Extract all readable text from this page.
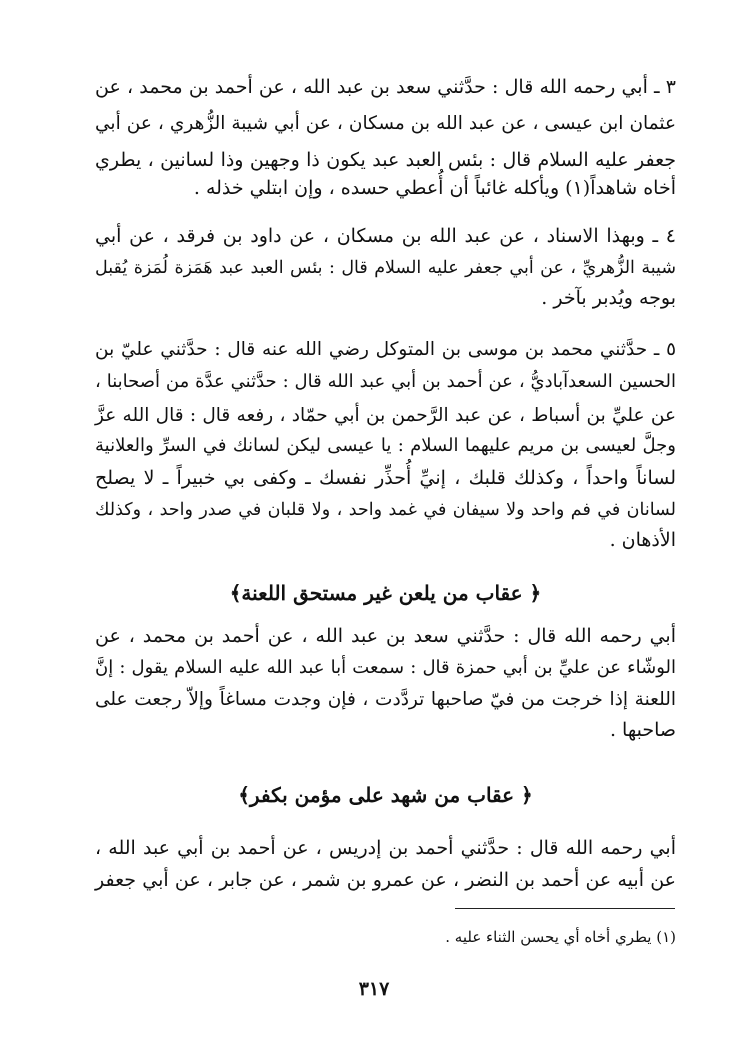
٣ ـ أبي رحمه الله قال : حدَّثني سعد بن عبد الله ، عن أحمد بن محمد ، عن
عثمان ابن عيسى ، عن عبد الله بن مسكان ، عن أبي شيبة الزُّهري ، عن أبي
جعفر عليه السلام قال : بئس العبد عبد يكون ذا وجهين وذا لسانين ، يطري
أخاه شاهداً(١) ويأكله غائباً أن أُعطي حسده ، وإن ابتلي خذله .
٤ ـ وبهذا الاسناد ، عن عبد الله بن مسكان ، عن داود بن فرقد ، عن أبي
شيبة الزُّهريِّ ، عن أبي جعفر عليه السلام قال : بئس العبد عبد هَمَزة لُمَزة يُقبل
بوجه ويُدبر بآخر .
٥ ـ حدَّثني محمد بن موسى بن المتوكل رضي الله عنه قال : حدَّثني عليّ بن
الحسين السعدآباديُّ ، عن أحمد بن أبي عبد الله قال : حدَّثني عدَّة من أصحابنا ،
عن عليِّ بن أسباط ، عن عبد الرَّحمن بن أبي حمّاد ، رفعه قال : قال الله عزَّ
وجلَّ لعيسى بن مريم عليهما السلام : يا عيسى ليكن لسانك في السرِّ والعلانية
لساناً واحداً ، وكذلك قلبك ، إنيِّ أُحذِّر نفسك ـ وكفى بي خبيراً ـ لا يصلح
لسانان في فم واحد ولا سيفان في غمد واحد ، ولا قلبان في صدر واحد ، وكذلك
الأذهان .
﴿ عقاب من يلعن غير مستحق اللعنة﴾
أبي رحمه الله قال : حدَّثني سعد بن عبد الله ، عن أحمد بن محمد ، عن
الوشّاء عن عليِّ بن أبي حمزة قال : سمعت أبا عبد الله عليه السلام يقول : إنَّ
اللعنة إذا خرجت من فيّ صاحبها تردَّدت ، فإن وجدت مساغاً وإلاّ رجعت على
صاحبها .
﴿ عقاب من شهد على مؤمن بكفر﴾
أبي رحمه الله قال : حدَّثني أحمد بن إدريس ، عن أحمد بن أبي عبد الله ،
عن أبيه عن أحمد بن النضر ، عن عمرو بن شمر ، عن جابر ، عن أبي جعفر
(١) يطري أخاه أي يحسن الثناء عليه .
٣١٧
